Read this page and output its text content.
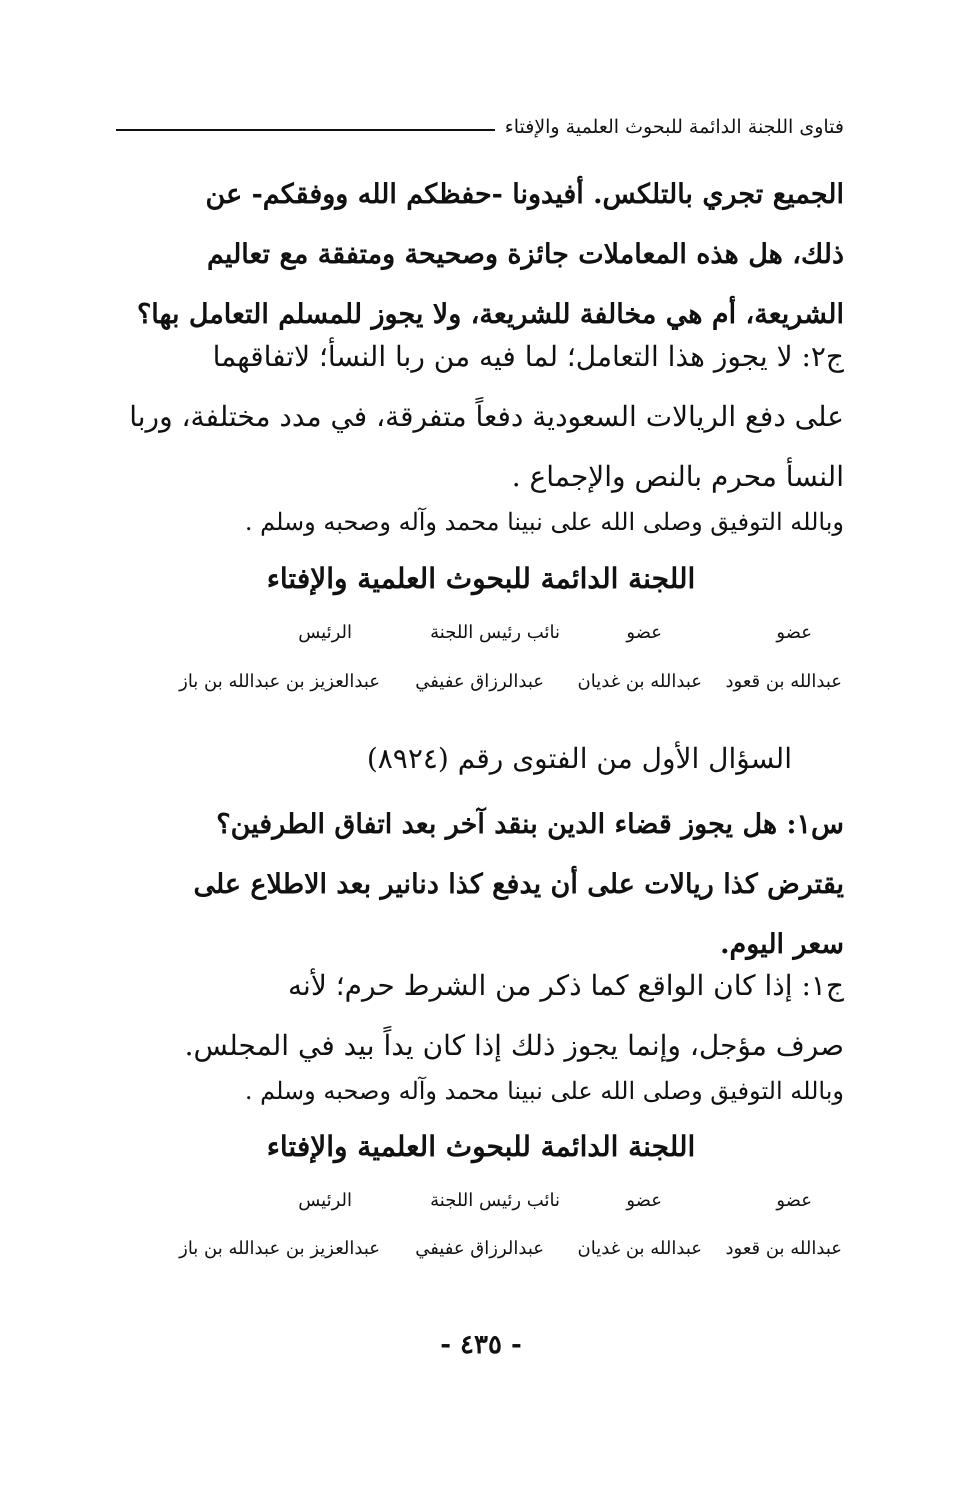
فتاوى اللجنة الدائمة للبحوث العلمية والإفتاء
الجميع تجري بالتلكس. أفيدونا -حفظكم الله ووفقكم- عن
ذلك، هل هذه المعاملات جائزة وصحيحة ومتفقة مع تعاليم
الشريعة، أم هي مخالفة للشريعة، ولا يجوز للمسلم التعامل بها؟
ج٢: لا يجوز هذا التعامل؛ لما فيه من ربا النسأ؛ لاتفاقهما
على دفع الريالات السعودية دفعاً متفرقة، في مدد مختلفة، وربا
النسأ محرم بالنص والإجماع .
وبالله التوفيق وصلى الله على نبينا محمد وآله وصحبه وسلم .
اللجنة الدائمة للبحوث العلمية والإفتاء
عضو
عضو
نائب رئيس اللجنة
الرئيس
عبدالله بن قعود
عبدالله بن غديان
عبدالرزاق عفيفي
عبدالعزيز بن عبدالله بن باز
السؤال الأول من الفتوى رقم (٨٩٢٤)
س١: هل يجوز قضاء الدين بنقد آخر بعد اتفاق الطرفين؟
يقترض كذا ريالات على أن يدفع كذا دنانير بعد الاطلاع على
سعر اليوم.
ج١: إذا كان الواقع كما ذكر من الشرط حرم؛ لأنه
صرف مؤجل، وإنما يجوز ذلك إذا كان يداً بيد في المجلس.
وبالله التوفيق وصلى الله على نبينا محمد وآله وصحبه وسلم .
اللجنة الدائمة للبحوث العلمية والإفتاء
عضو
عضو
نائب رئيس اللجنة
الرئيس
عبدالله بن قعود
عبدالله بن غديان
عبدالرزاق عفيفي
عبدالعزيز بن عبدالله بن باز
- ٤٣٥ -
